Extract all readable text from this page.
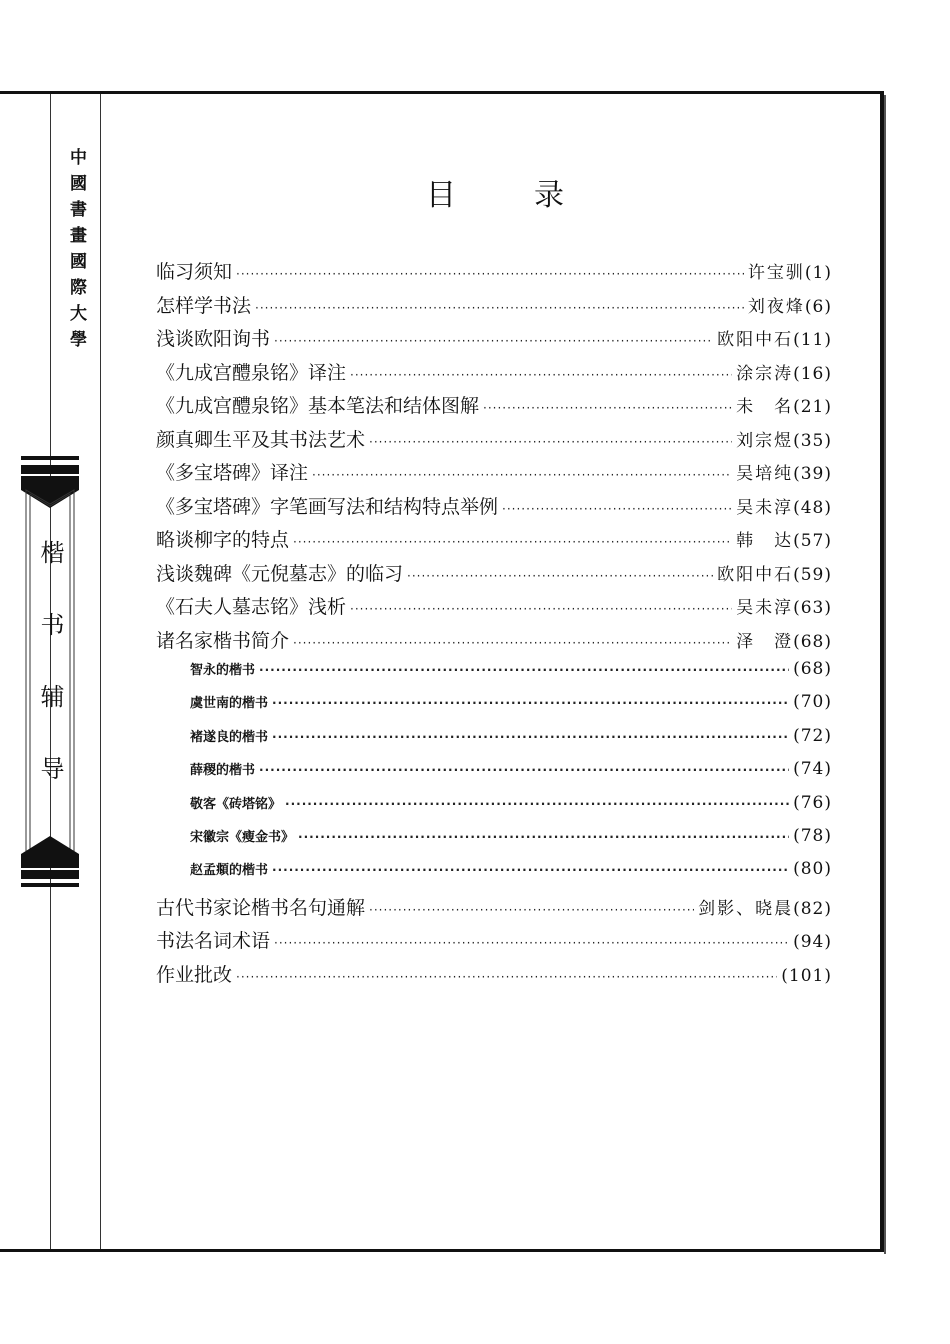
中國書畫國際大學
楷书辅导
目录
临习须知 ·····	许宝驯 (1)
怎样学书法 ·····	刘夜烽 (6)
浅谈欧阳询书 ·····	欧阳中石 (11)
《九成宫醴泉铭》译注 ·····	涂宗涛 (16)
《九成宫醴泉铭》基本笔法和结体图解 ·····	未　名 (21)
颜真卿生平及其书法艺术 ·····	刘宗煜 (35)
《多宝塔碑》译注 ·····	吴培纯 (39)
《多宝塔碑》字笔画写法和结构特点举例 ·····	吴未淳 (48)
略谈柳字的特点 ·····	韩　达 (57)
浅谈魏碑《元倪墓志》的临习 ·····	欧阳中石 (59)
《石夫人墓志铭》浅析 ·····	吴未淳 (63)
诸名家楷书简介 ·····	泽　澄 (68)
智永的楷书 ·····	(68)
虞世南的楷书 ·····	(70)
褚遂良的楷书 ·····	(72)
薛稷的楷书 ·····	(74)
敬客《砖塔铭》 ·····	(76)
宋徽宗《瘦金书》 ·····	(78)
赵孟頫的楷书 ·····	(80)
古代书家论楷书名句通解 ·····	剑影、晓晨 (82)
书法名词术语 ·····	(94)
作业批改 ·····	(101)
